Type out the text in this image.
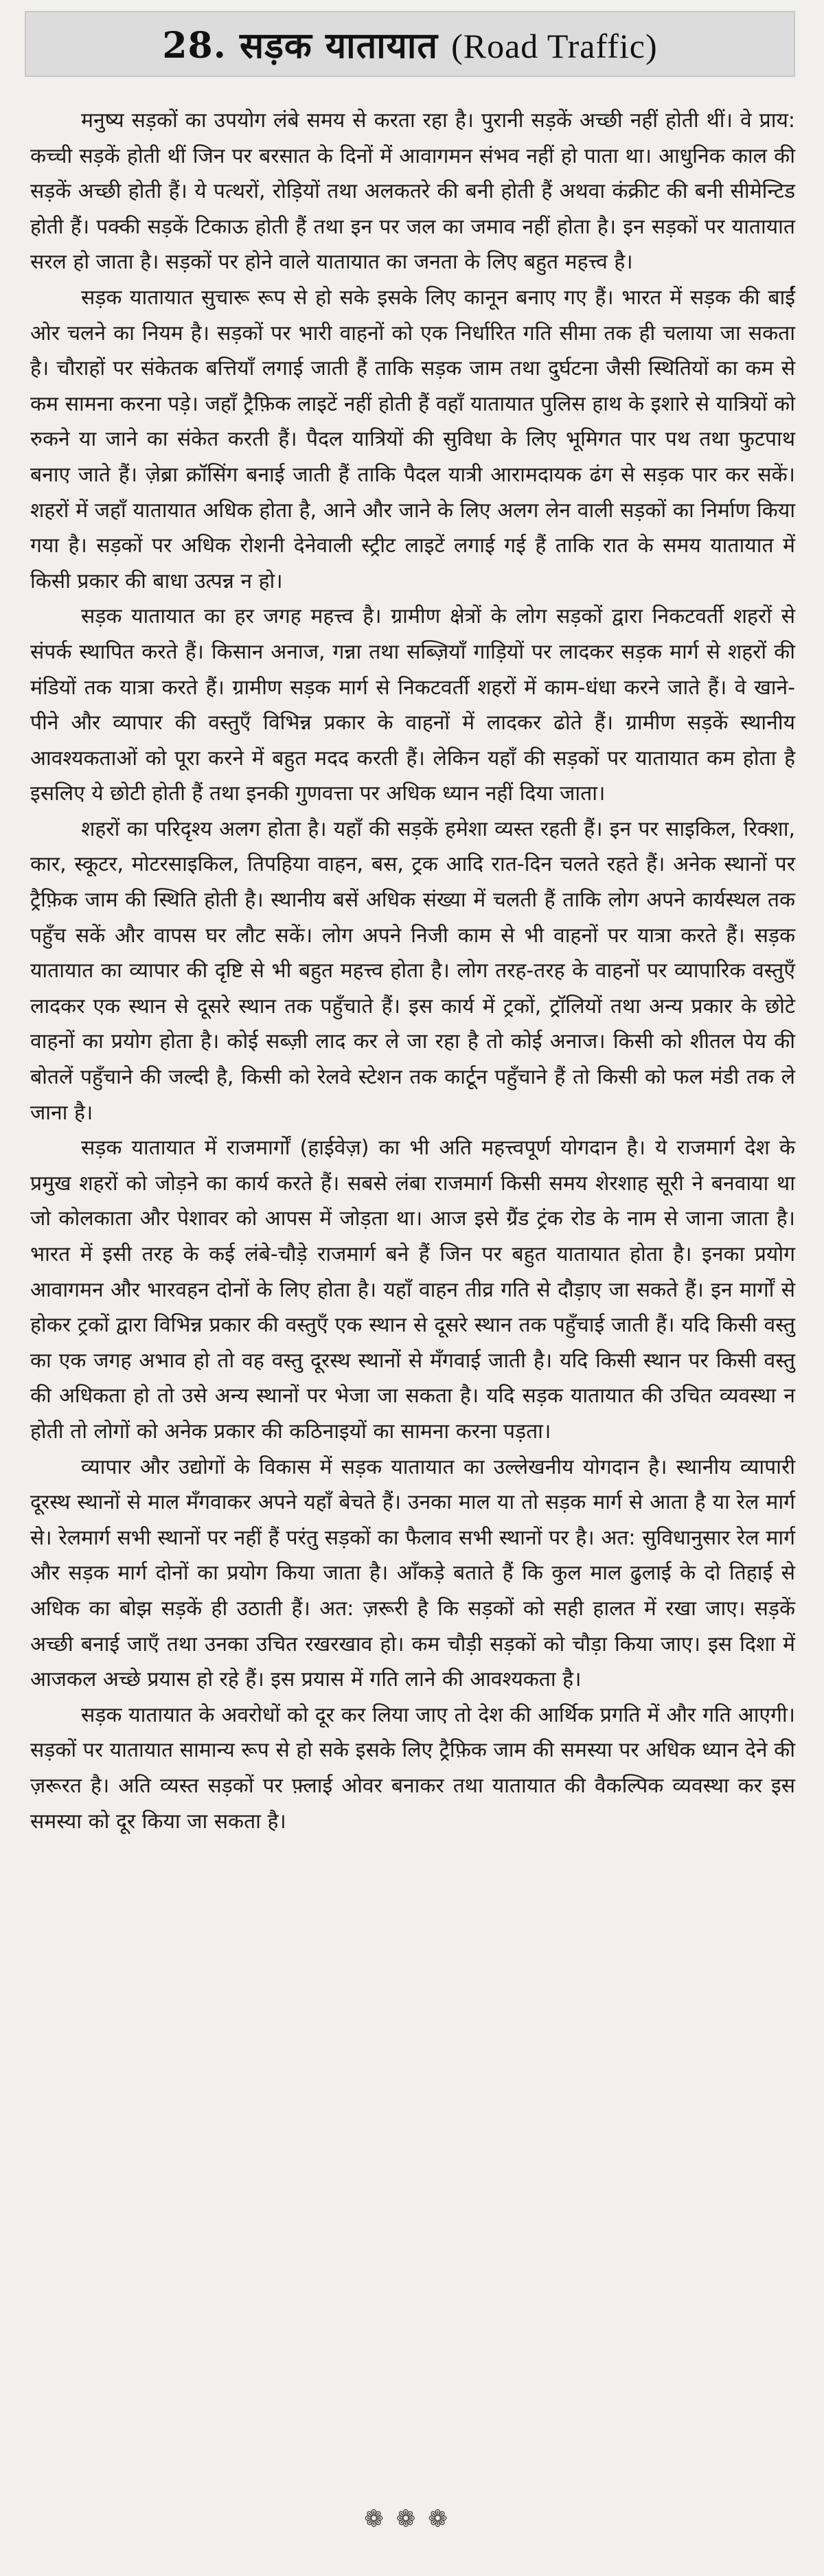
28. सड़क यातायात (Road Traffic)

मनुष्य सड़कों का उपयोग लंबे समय से करता रहा है। पुरानी सड़कें अच्छी नहीं होती थीं। वे प्राय: कच्ची सड़कें होती थीं जिन पर बरसात के दिनों में आवागमन संभव नहीं हो पाता था। आधुनिक काल की सड़कें अच्छी होती हैं। ये पत्थरों, रोड़ियों तथा अलकतरे की बनी होती हैं अथवा कंक्रीट की बनी सीमेन्टिड होती हैं। पक्की सड़कें टिकाऊ होती हैं तथा इन पर जल का जमाव नहीं होता है। इन सड़कों पर यातायात सरल हो जाता है। सड़कों पर होने वाले यातायात का जनता के लिए बहुत महत्त्व है।

सड़क यातायात सुचारू रूप से हो सके इसके लिए कानून बनाए गए हैं। भारत में सड़क की बाईं ओर चलने का नियम है। सड़कों पर भारी वाहनों को एक निर्धारित गति सीमा तक ही चलाया जा सकता है। चौराहों पर संकेतक बत्तियाँ लगाई जाती हैं ताकि सड़क जाम तथा दुर्घटना जैसी स्थितियों का कम से कम सामना करना पड़े। जहाँ ट्रैफ़िक लाइटें नहीं होती हैं वहाँ यातायात पुलिस हाथ के इशारे से यात्रियों को रुकने या जाने का संकेत करती हैं। पैदल यात्रियों की सुविधा के लिए भूमिगत पार पथ तथा फुटपाथ बनाए जाते हैं। ज़ेब्रा क्रॉसिंग बनाई जाती हैं ताकि पैदल यात्री आरामदायक ढंग से सड़क पार कर सकें। शहरों में जहाँ यातायात अधिक होता है, आने और जाने के लिए अलग लेन वाली सड़कों का निर्माण किया गया है। सड़कों पर अधिक रोशनी देनेवाली स्ट्रीट लाइटें लगाई गई हैं ताकि रात के समय यातायात में किसी प्रकार की बाधा उत्पन्न न हो।

सड़क यातायात का हर जगह महत्त्व है। ग्रामीण क्षेत्रों के लोग सड़कों द्वारा निकटवर्ती शहरों से संपर्क स्थापित करते हैं। किसान अनाज, गन्ना तथा सब्ज़ियाँ गाड़ियों पर लादकर सड़क मार्ग से शहरों की मंडियों तक यात्रा करते हैं। ग्रामीण सड़क मार्ग से निकटवर्ती शहरों में काम-धंधा करने जाते हैं। वे खाने-पीने और व्यापार की वस्तुएँ विभिन्न प्रकार के वाहनों में लादकर ढोते हैं। ग्रामीण सड़कें स्थानीय आवश्यकताओं को पूरा करने में बहुत मदद करती हैं। लेकिन यहाँ की सड़कों पर यातायात कम होता है इसलिए ये छोटी होती हैं तथा इनकी गुणवत्ता पर अधिक ध्यान नहीं दिया जाता।

शहरों का परिदृश्य अलग होता है। यहाँ की सड़कें हमेशा व्यस्त रहती हैं। इन पर साइकिल, रिक्शा, कार, स्कूटर, मोटरसाइकिल, तिपहिया वाहन, बस, ट्रक आदि रात-दिन चलते रहते हैं। अनेक स्थानों पर ट्रैफ़िक जाम की स्थिति होती है। स्थानीय बसें अधिक संख्या में चलती हैं ताकि लोग अपने कार्यस्थल तक पहुँच सकें और वापस घर लौट सकें। लोग अपने निजी काम से भी वाहनों पर यात्रा करते हैं। सड़क यातायात का व्यापार की दृष्टि से भी बहुत महत्त्व होता है। लोग तरह-तरह के वाहनों पर व्यापारिक वस्तुएँ लादकर एक स्थान से दूसरे स्थान तक पहुँचाते हैं। इस कार्य में ट्रकों, ट्रॉलियों तथा अन्य प्रकार के छोटे वाहनों का प्रयोग होता है। कोई सब्ज़ी लाद कर ले जा रहा है तो कोई अनाज। किसी को शीतल पेय की बोतलें पहुँचाने की जल्दी है, किसी को रेलवे स्टेशन तक कार्टून पहुँचाने हैं तो किसी को फल मंडी तक ले जाना है।

सड़क यातायात में राजमार्गों (हाईवेज़) का भी अति महत्त्वपूर्ण योगदान है। ये राजमार्ग देश के प्रमुख शहरों को जोड़ने का कार्य करते हैं। सबसे लंबा राजमार्ग किसी समय शेरशाह सूरी ने बनवाया था जो कोलकाता और पेशावर को आपस में जोड़ता था। आज इसे ग्रैंड ट्रंक रोड के नाम से जाना जाता है। भारत में इसी तरह के कई लंबे-चौड़े राजमार्ग बने हैं जिन पर बहुत यातायात होता है। इनका प्रयोग आवागमन और भारवहन दोनों के लिए होता है। यहाँ वाहन तीव्र गति से दौड़ाए जा सकते हैं। इन मार्गों से होकर ट्रकों द्वारा विभिन्न प्रकार की वस्तुएँ एक स्थान से दूसरे स्थान तक पहुँचाई जाती हैं। यदि किसी वस्तु का एक जगह अभाव हो तो वह वस्तु दूरस्थ स्थानों से मँगवाई जाती है। यदि किसी स्थान पर किसी वस्तु की अधिकता हो तो उसे अन्य स्थानों पर भेजा जा सकता है। यदि सड़क यातायात की उचित व्यवस्था न होती तो लोगों को अनेक प्रकार की कठिनाइयों का सामना करना पड़ता।

व्यापार और उद्योगों के विकास में सड़क यातायात का उल्लेखनीय योगदान है। स्थानीय व्यापारी दूरस्थ स्थानों से माल मँगवाकर अपने यहाँ बेचते हैं। उनका माल या तो सड़क मार्ग से आता है या रेल मार्ग से। रेलमार्ग सभी स्थानों पर नहीं हैं परंतु सड़कों का फैलाव सभी स्थानों पर है। अत: सुविधानुसार रेल मार्ग और सड़क मार्ग दोनों का प्रयोग किया जाता है। आँकड़े बताते हैं कि कुल माल ढुलाई के दो तिहाई से अधिक का बोझ सड़कें ही उठाती हैं। अत: ज़रूरी है कि सड़कों को सही हालत में रखा जाए। सड़कें अच्छी बनाई जाएँ तथा उनका उचित रखरखाव हो। कम चौड़ी सड़कों को चौड़ा किया जाए। इस दिशा में आजकल अच्छे प्रयास हो रहे हैं। इस प्रयास में गति लाने की आवश्यकता है।

सड़क यातायात के अवरोधों को दूर कर लिया जाए तो देश की आर्थिक प्रगति में और गति आएगी। सड़कों पर यातायात सामान्य रूप से हो सके इसके लिए ट्रैफ़िक जाम की समस्या पर अधिक ध्यान देने की ज़रूरत है। अति व्यस्त सड़कों पर फ़्लाई ओवर बनाकर तथा यातायात की वैकल्पिक व्यवस्था कर इस समस्या को दूर किया जा सकता है।

❁❁❁
